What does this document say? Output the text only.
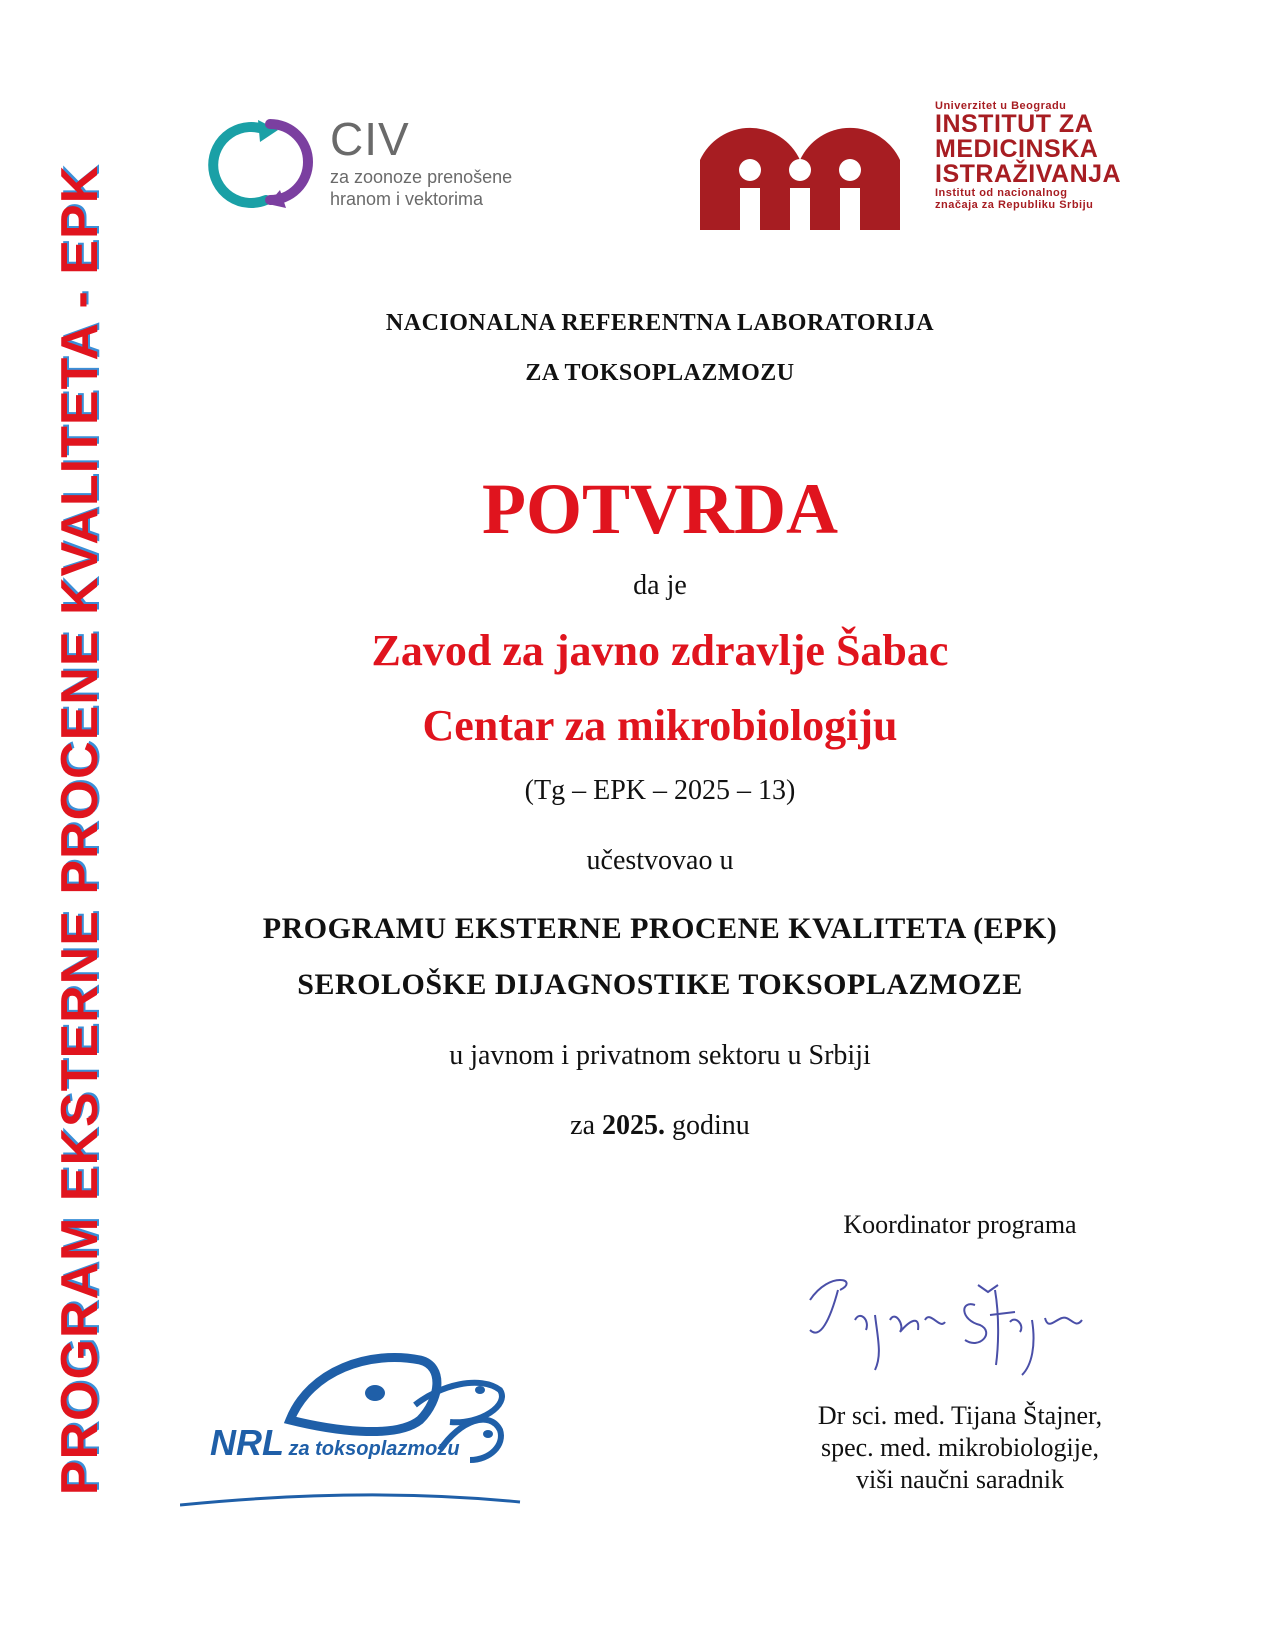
PROGRAM EKSTERNE PROCENE KVALITETA - EPK
CIV
za zoonoze prenošene
hranom i vektorima
Univerzitet u Beogradu
INSTITUT ZA
MEDICINSKA
ISTRAŽIVANJA
Institut od nacionalnog
značaja za Republiku Srbiju
NACIONALNA REFERENTNA LABORATORIJA
ZA TOKSOPLAZMOZU
POTVRDA
da je
Zavod za javno zdravlje Šabac
Centar za mikrobiologiju
(Tg – EPK – 2025 – 13)
učestvovao u
PROGRAMU EKSTERNE PROCENE KVALITETA (EPK)
SEROLOŠKE DIJAGNOSTIKE TOKSOPLAZMOZE
u javnom i privatnom sektoru u Srbiji
za 2025. godinu
Koordinator programa
Dr sci. med. Tijana Štajner,
spec. med. mikrobiologije,
viši naučni saradnik
NRL za toksoplazmozu
